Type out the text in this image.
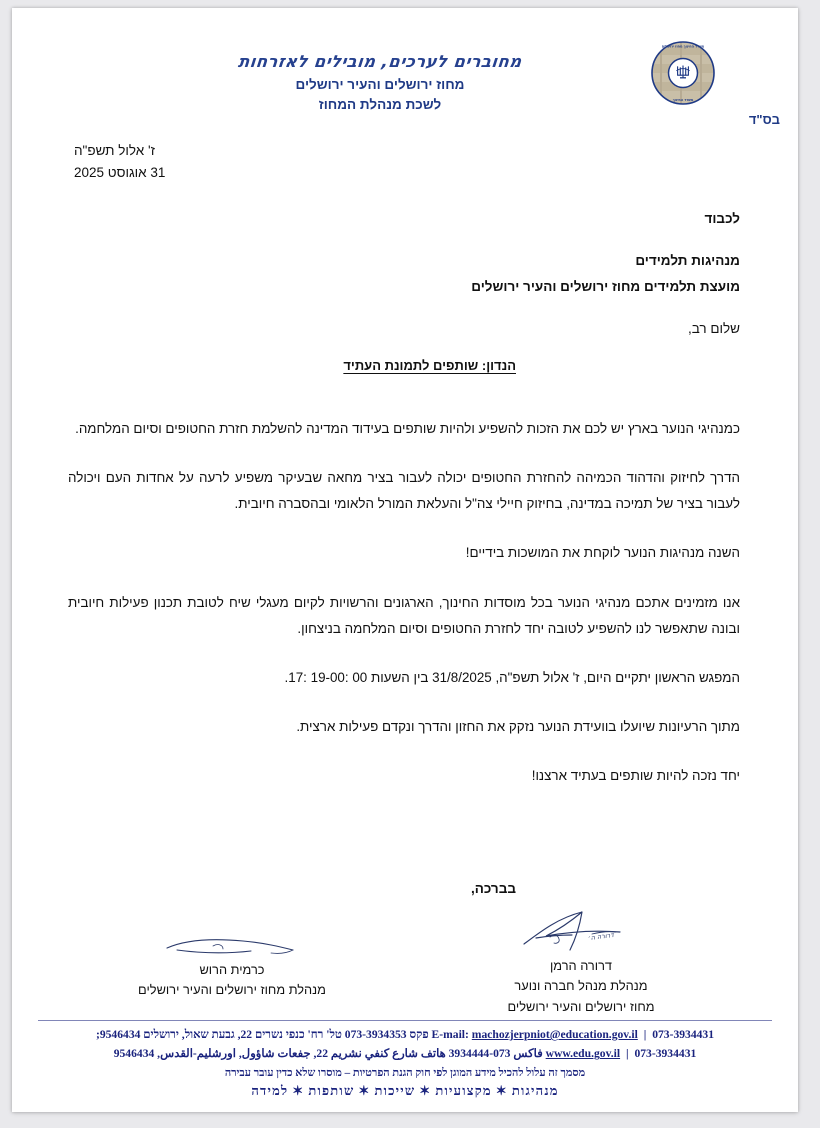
משרד החינוך מחוז ירושלים
משרד החינוך
מחוברים לערכים, מובילים לאזרחות
מחוז ירושלים והעיר ירושלים
לשכת מנהלת המחוז
בס"ד
ז' אלול תשפ"ה
31 אוגוסט 2025
לכבוד
מנהיגות תלמידים
מועצת תלמידים מחוז ירושלים והעיר ירושלים
שלום רב,
הנדון: שותפים לתמונת העתיד

כמנהיגי הנוער בארץ יש לכם את הזכות להשפיע ולהיות שותפים בעידוד המדינה להשלמת חזרת החטופים וסיום המלחמה.

הדרך לחיזוק והדהוד הכמיהה להחזרת החטופים יכולה לעבור בציר מחאה שבעיקר משפיע לרעה על אחדות העם ויכולה לעבור בציר של תמיכה במדינה, בחיזוק חיילי צה"ל והעלאת המורל הלאומי ובהסברה חיובית.

השנה מנהיגות הנוער לוקחת את המושכות בידיים!

אנו מזמינים אתכם מנהיגי הנוער בכל מוסדות החינוך, הארגונים והרשויות לקיום מעגלי שיח לטובת תכנון פעילות חיובית ובונה שתאפשר לנו להשפיע לטובה יחד לחזרת החטופים וסיום המלחמה בניצחון.

המפגש הראשון יתקיים היום, ז' אלול תשפ"ה, 31/8/2025 בין השעות 00 :19-00 :17.

מתוך הרעיונות שיועלו בוועידת הנוער נזקק את החזון והדרך ונקדם פעילות ארצית.

יחד נזכה להיות שותפים בעתיד ארצנו!

בברכה,
דרורה ה׳
דרורה הרמן
מנהלת מנהל חברה ונוער
מחוז ירושלים והעיר ירושלים
כרמית הרוש
מנהלת מחוז ירושלים והעיר ירושלים
E-mail: machozjerpniot@education.gov.il | 073-3934431 פקס 073-3934353 טל' רח' כנפי נשרים 22, גבעת שאול, ירושלים 9546434;
www.edu.gov.il | 073-3934431 فاكس 073-3934444 هاتف شارع كنفي نشريم 22, جفعات شاؤول, اورشليم-القدس, 9546434
מסמך זה עלול להכיל מידע המוגן לפי חוק הגנת הפרטיות – מוסרו שלא כדין עובר עבירה
מנהיגות✶מקצועיות✶שייכות✶שותפות✶למידה
